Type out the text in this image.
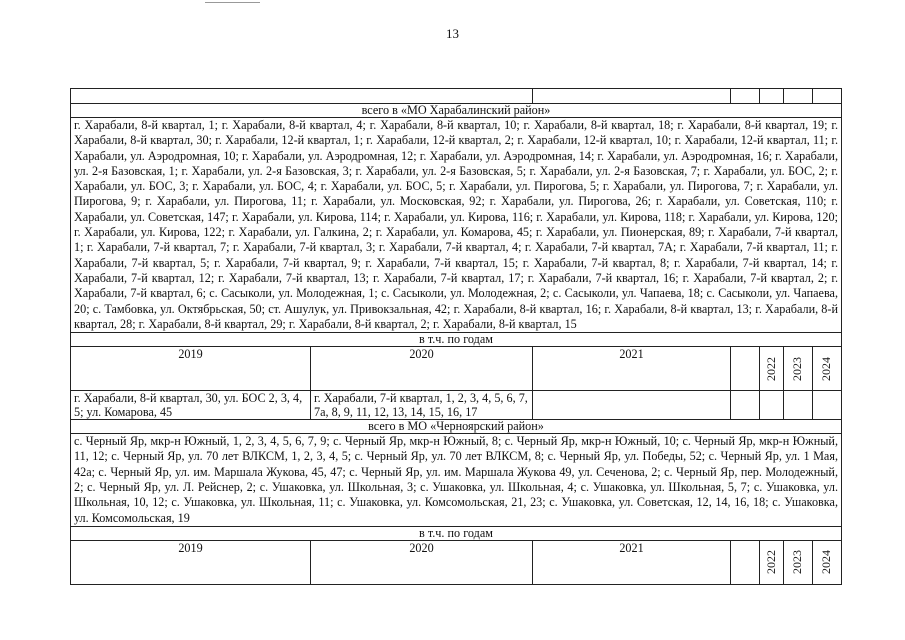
13

всего в «МО Харабалинский район»						
г. Харабали, 8-й квартал, 1; г. Харабали, 8-й квартал, 4; г. Харабали, 8-й квартал, 10; г. Харабали, 8-й квартал, 18; г. Харабали, 8-й квартал, 19; г. Харабали, 8-й квартал, 30; г. Харабали, 12-й квартал, 1; г. Харабали, 12-й квартал, 2; г. Харабали, 12-й квартал, 10; г. Харабали, 12-й квартал, 11; г. Харабали, ул. Аэродромная, 10; г. Харабали, ул. Аэродромная, 12; г. Харабали, ул. Аэродромная, 14; г. Харабали, ул. Аэродромная, 16; г. Харабали, ул. 2-я Базовская, 1; г. Харабали, ул. 2-я Базовская, 3; г. Харабали, ул. 2-я Базовская, 5; г. Харабали, ул. 2-я Базовская, 7; г. Харабали, ул. БОС, 2; г. Харабали, ул. БОС, 3; г. Харабали, ул. БОС, 4; г. Харабали, ул. БОС, 5; г. Харабали, ул. Пирогова, 5; г. Харабали, ул. Пирогова, 7; г. Харабали, ул. Пирогова, 9; г. Харабали, ул. Пирогова, 11; г. Харабали, ул. Московская, 92; г. Харабали, ул. Пирогова, 26; г. Харабали, ул. Советская, 110; г. Харабали, ул. Советская, 147; г. Харабали, ул. Кирова, 114; г. Харабали, ул. Кирова, 116; г. Харабали, ул. Кирова, 118; г. Харабали, ул. Кирова, 120; г. Харабали, ул. Кирова, 122; г. Харабали, ул. Галкина, 2; г. Харабали, ул. Комарова, 45; г. Харабали, ул. Пионерская, 89; г. Харабали, 7-й квартал, 1; г. Харабали, 7-й квартал, 7; г. Харабали, 7-й квартал, 3; г. Харабали, 7-й квартал, 4; г. Харабали, 7-й квартал, 7А; г. Харабали, 7-й квартал, 11; г. Харабали, 7-й квартал, 5; г. Харабали, 7-й квартал, 9; г. Харабали, 7-й квартал, 15; г. Харабали, 7-й квартал, 8; г. Харабали, 7-й квартал, 14; г. Харабали, 7-й квартал, 12; г. Харабали, 7-й квартал, 13; г. Харабали, 7-й квартал, 17; г. Харабали, 7-й квартал, 16; г. Харабали, 7-й квартал, 2; г. Харабали, 7-й квартал, 6; с. Сасыколи, ул. Молодежная, 1; с. Сасыколи, ул. Молодежная, 2; с. Сасыколи, ул. Чапаева, 18; с. Сасыколи, ул. Чапаева, 20; с. Тамбовка, ул. Октябрьская, 50; ст. Ашулук, ул. Привокзальная, 42; г. Харабали, 8-й квартал, 16; г. Харабали, 8-й квартал, 13; г. Харабали, 8-й квартал, 28; г. Харабали, 8-й квартал, 29; г. Харабали, 8-й квартал, 2; г. Харабали, 8-й квартал, 15						
в т.ч. по годам						
2019	2020	2021		2022	2023	2024

г. Харабали, 8-й квартал, 30, ул. БОС 2, 3, 4, 5; ул. Комарова, 45	г. Харабали, 7-й квартал, 1, 2, 3, 4, 5, 6, 7, 7а, 8, 9, 11, 12, 13, 14, 15, 16, 17					
всего в МО «Черноярский район»						
с. Черный Яр, мкр-н Южный, 1, 2, 3, 4, 5, 6, 7, 9; с. Черный Яр, мкр-н Южный, 8; с. Черный Яр, мкр-н Южный, 10; с. Черный Яр, мкр-н Южный, 11, 12; с. Черный Яр, ул. 70 лет ВЛКСМ, 1, 2, 3, 4, 5; с. Черный Яр, ул. 70 лет ВЛКСМ, 8; с. Черный Яр, ул. Победы, 52; с. Черный Яр, ул. 1 Мая, 42а; с. Черный Яр, ул. им. Маршала Жукова, 45, 47; с. Черный Яр, ул. им. Маршала Жукова 49, ул. Сеченова, 2; с. Черный Яр, пер. Молодежный, 2; с. Черный Яр, ул. Л. Рейснер, 2; с. Ушаковка, ул. Школьная, 3; с. Ушаковка, ул. Школьная, 4; с. Ушаковка, ул. Школьная, 5, 7; с. Ушаковка, ул. Школьная, 10, 12; с. Ушаковка, ул. Школьная, 11; с. Ушаковка, ул. Комсомольская, 21, 23; с. Ушаковка, ул. Советская, 12, 14, 16, 18; с. Ушаковка, ул. Комсомольская, 19						
в т.ч. по годам						
2019	2020	2021		2022	2023	2024
